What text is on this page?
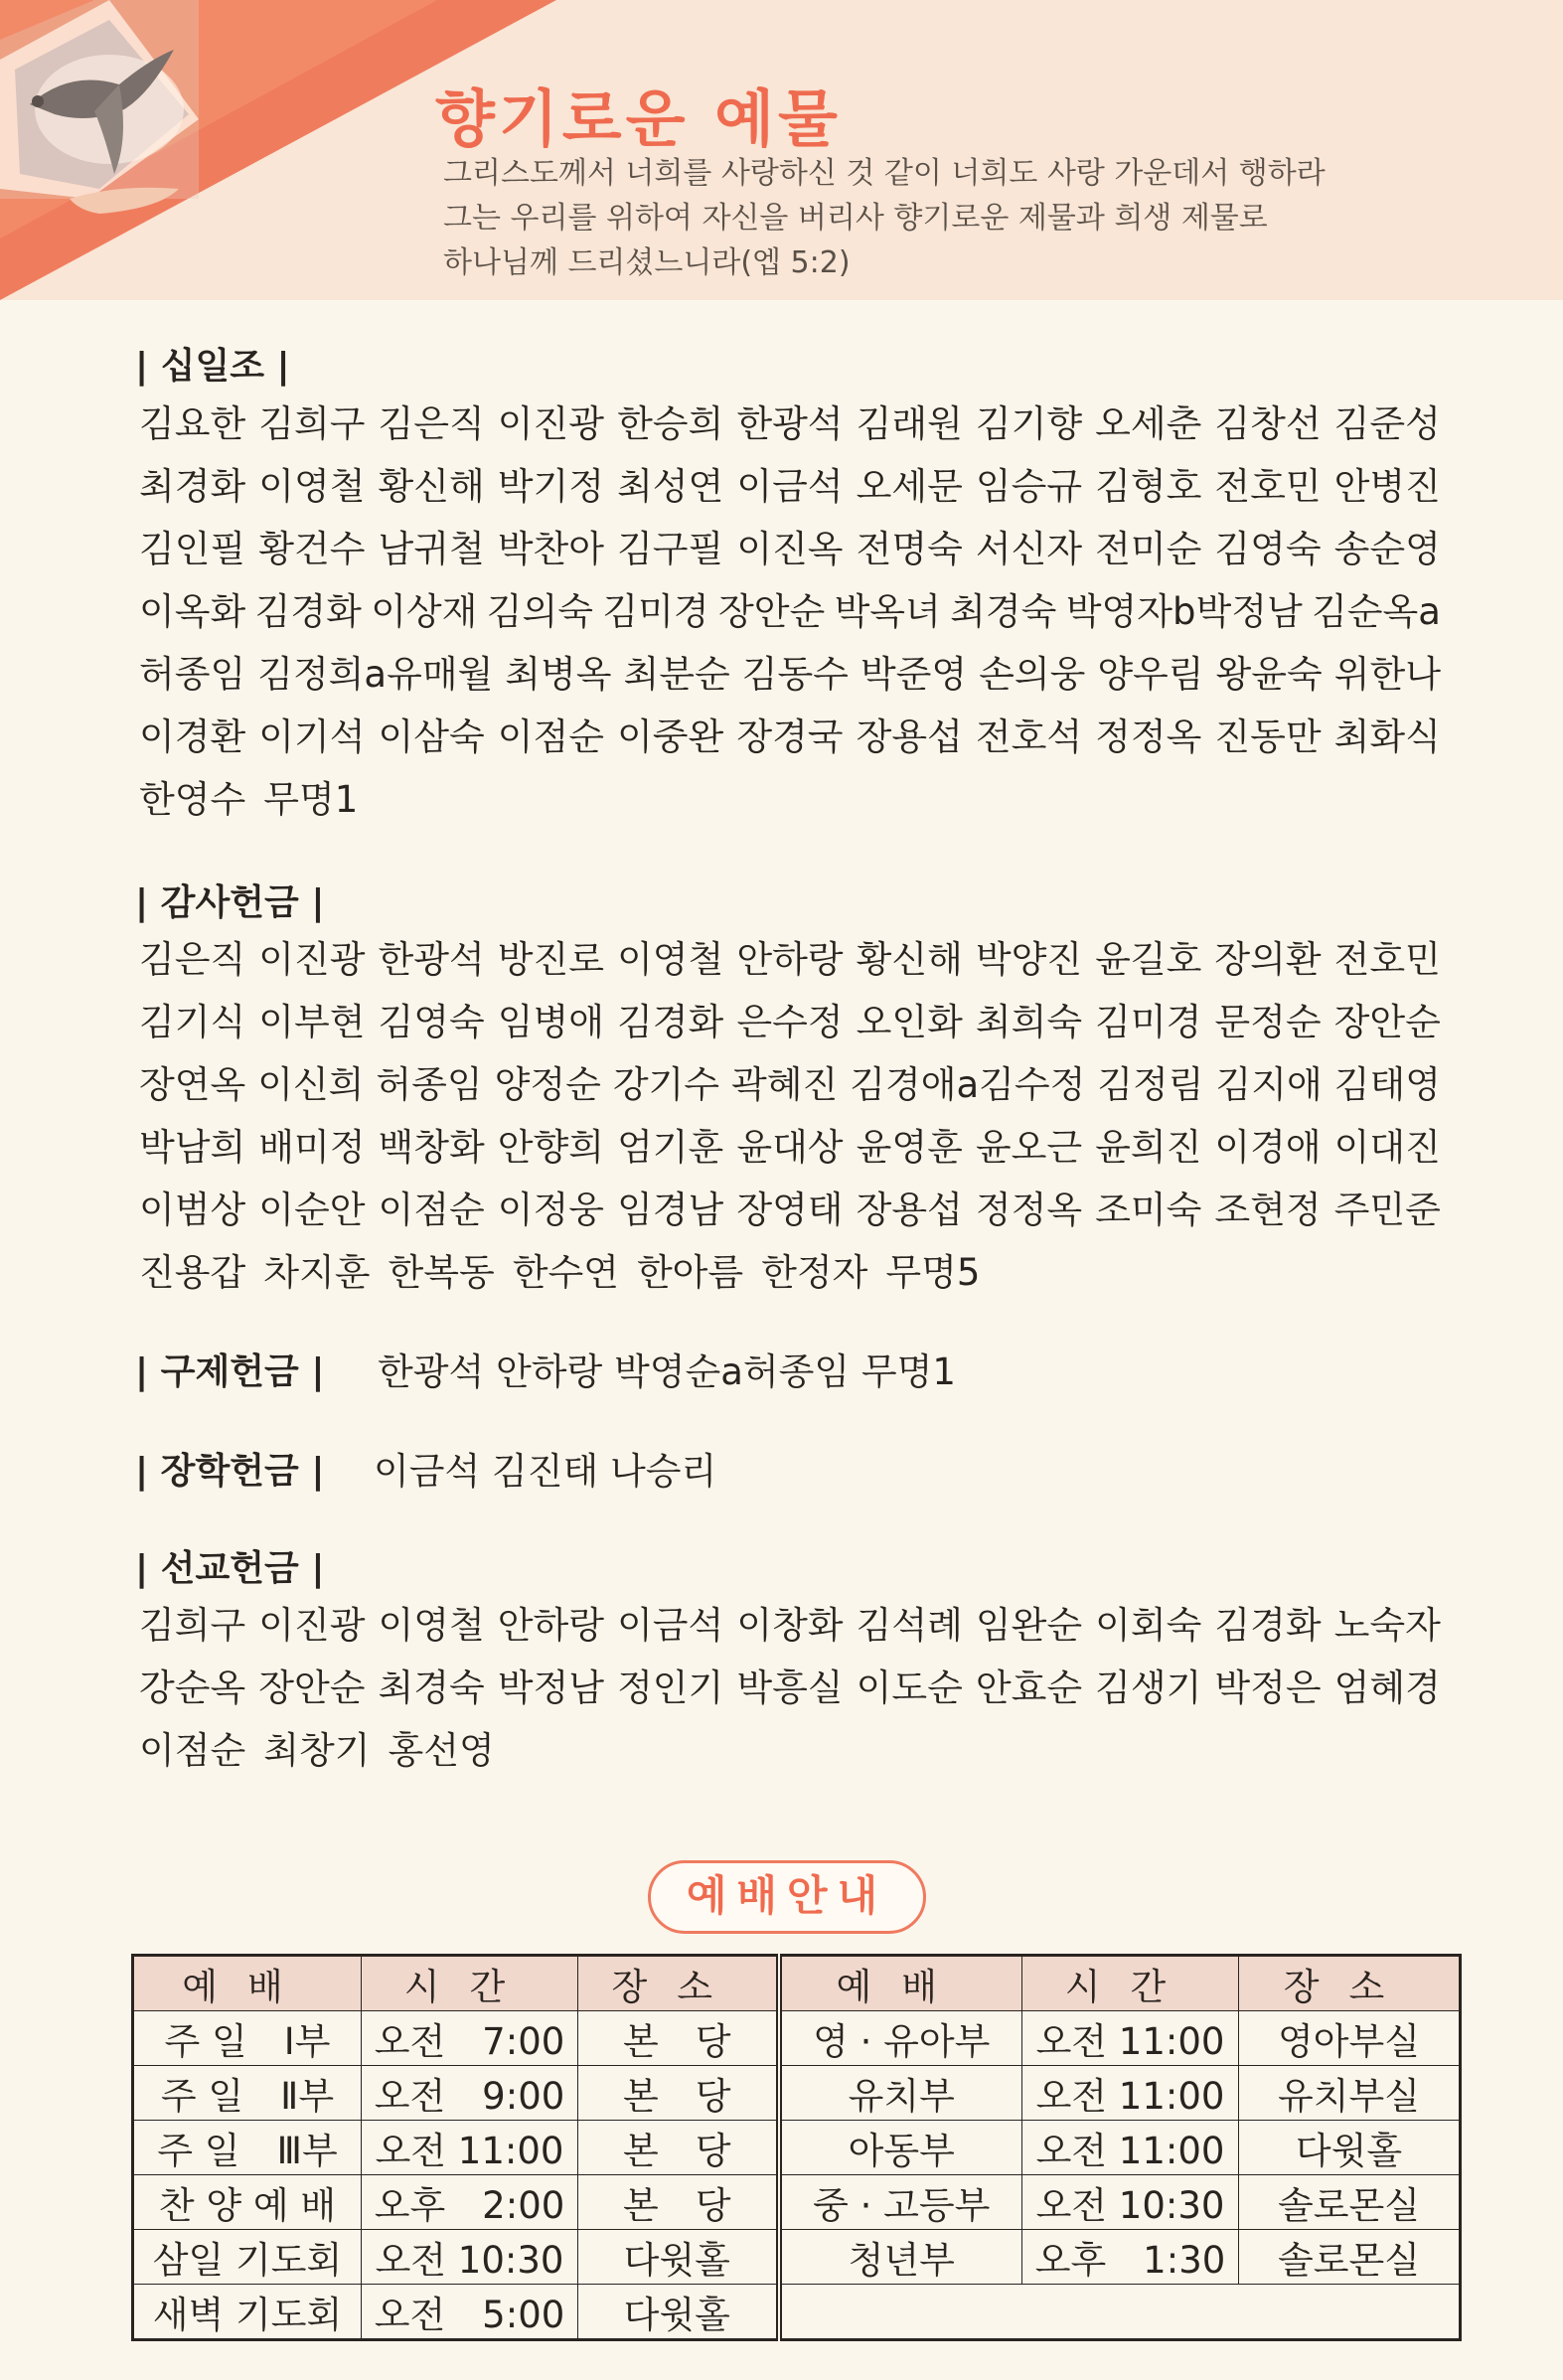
향기로운 예물
그리스도께서 너희를 사랑하신 것 같이 너희도 사랑 가운데서 행하라
그는 우리를 위하여 자신을 버리사 향기로운 제물과 희생 제물로
하나님께 드리셨느니라(엡 5:2)
| 십일조 |
김요한 김희구 김은직 이진광 한승희 한광석 김래원 김기향 오세춘 김창선 김준성
최경화 이영철 황신해 박기정 최성연 이금석 오세문 임승규 김형호 전호민 안병진
김인필 황건수 남귀철 박찬아 김구필 이진옥 전명숙 서신자 전미순 김영숙 송순영
이옥화 김경화 이상재 김의숙 김미경 장안순 박옥녀 최경숙 박영자b박정남 김순옥a
허종임 김정희a유매월 최병옥 최분순 김동수 박준영 손의웅 양우림 왕윤숙 위한나
이경환 이기석 이삼숙 이점순 이중완 장경국 장용섭 전호석 정정옥 진동만 최화식
한영수 무명1
| 감사헌금 |
김은직 이진광 한광석 방진로 이영철 안하랑 황신해 박양진 윤길호 장의환 전호민
김기식 이부현 김영숙 임병애 김경화 은수정 오인화 최희숙 김미경 문정순 장안순
장연옥 이신희 허종임 양정순 강기수 곽혜진 김경애a김수정 김정림 김지애 김태영
박남희 배미정 백창화 안향희 엄기훈 윤대상 윤영훈 윤오근 윤희진 이경애 이대진
이범상 이순안 이점순 이정웅 임경남 장영태 장용섭 정정옥 조미숙 조현정 주민준
진용갑 차지훈 한복동 한수연 한아름 한정자 무명5
| 구제헌금 | 한광석 안하랑 박영순a허종임 무명1
| 장학헌금 | 이금석 김진태 나승리
| 선교헌금 |
김희구 이진광 이영철 안하랑 이금석 이창화 김석례 임완순 이회숙 김경화 노숙자
강순옥 장안순 최경숙 박정남 정인기 박흥실 이도순 안효순 김생기 박정은 엄혜경
이점순 최창기 홍선영
예배안내
예배	시간	장소	예배	시간	장소
주 일　Ⅰ부	오전　7:00	본　당	영 · 유아부	오전 11:00	영아부실
주 일　Ⅱ부	오전　9:00	본　당	유치부	오전 11:00	유치부실
주 일　Ⅲ부	오전 11:00	본　당	아동부	오전 11:00	다윗홀
찬 양 예 배	오후　2:00	본　당	중 · 고등부	오전 10:30	솔로몬실
삼일 기도회	오전 10:30	다윗홀	청년부	오후　1:30	솔로몬실
새벽 기도회	오전　5:00	다윗홀			
